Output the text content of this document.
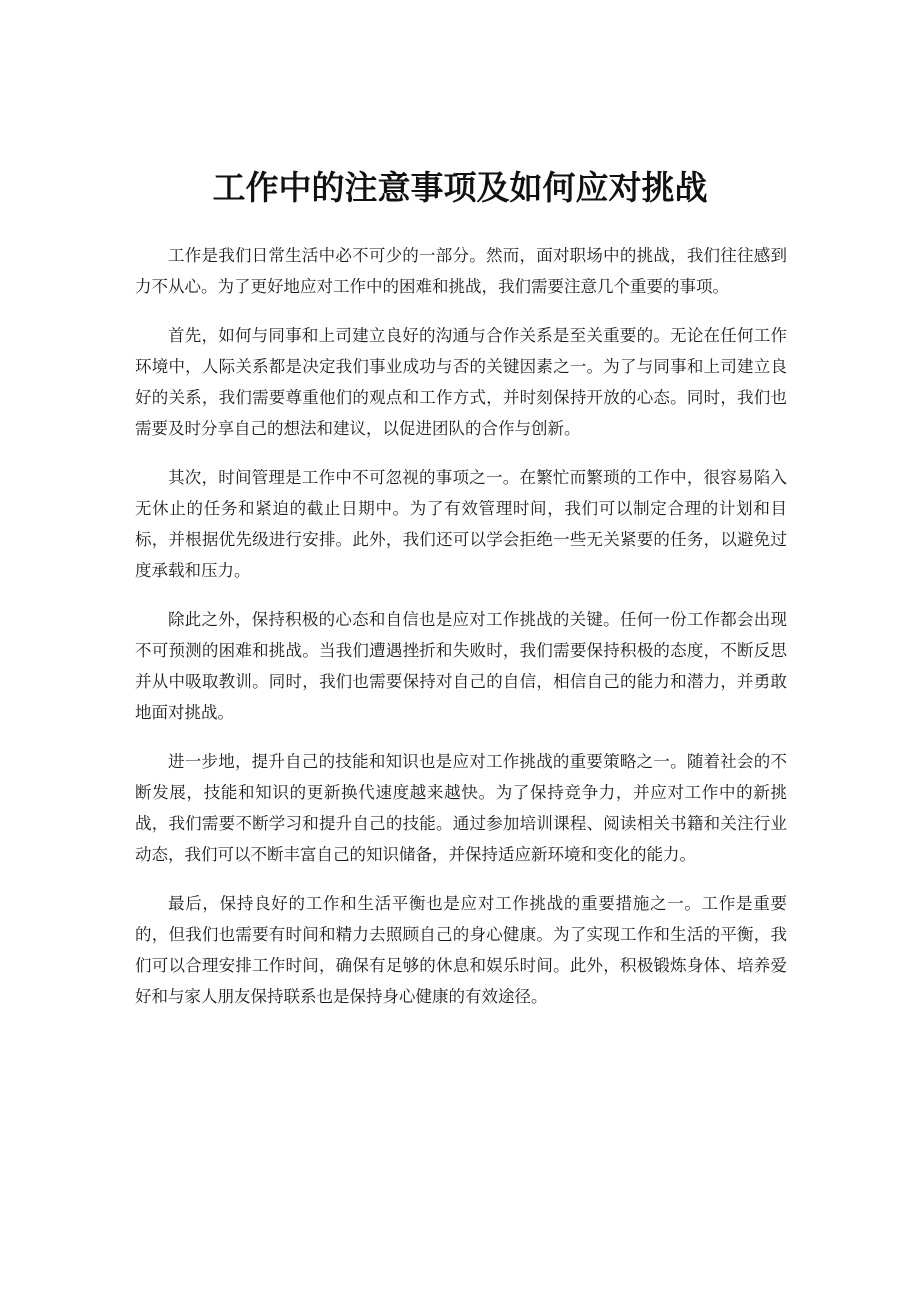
工作中的注意事项及如何应对挑战

工作是我们日常生活中必不可少的一部分。然而，面对职场中的挑战，我们往往感到力不从心。为了更好地应对工作中的困难和挑战，我们需要注意几个重要的事项。

首先，如何与同事和上司建立良好的沟通与合作关系是至关重要的。无论在任何工作环境中，人际关系都是决定我们事业成功与否的关键因素之一。为了与同事和上司建立良好的关系，我们需要尊重他们的观点和工作方式，并时刻保持开放的心态。同时，我们也需要及时分享自己的想法和建议，以促进团队的合作与创新。

其次，时间管理是工作中不可忽视的事项之一。在繁忙而繁琐的工作中，很容易陷入无休止的任务和紧迫的截止日期中。为了有效管理时间，我们可以制定合理的计划和目标，并根据优先级进行安排。此外，我们还可以学会拒绝一些无关紧要的任务，以避免过度承载和压力。

除此之外，保持积极的心态和自信也是应对工作挑战的关键。任何一份工作都会出现不可预测的困难和挑战。当我们遭遇挫折和失败时，我们需要保持积极的态度，不断反思并从中吸取教训。同时，我们也需要保持对自己的自信，相信自己的能力和潜力，并勇敢地面对挑战。

进一步地，提升自己的技能和知识也是应对工作挑战的重要策略之一。随着社会的不断发展，技能和知识的更新换代速度越来越快。为了保持竞争力，并应对工作中的新挑战，我们需要不断学习和提升自己的技能。通过参加培训课程、阅读相关书籍和关注行业动态，我们可以不断丰富自己的知识储备，并保持适应新环境和变化的能力。

最后，保持良好的工作和生活平衡也是应对工作挑战的重要措施之一。工作是重要的，但我们也需要有时间和精力去照顾自己的身心健康。为了实现工作和生活的平衡，我们可以合理安排工作时间，确保有足够的休息和娱乐时间。此外，积极锻炼身体、培养爱好和与家人朋友保持联系也是保持身心健康的有效途径。
